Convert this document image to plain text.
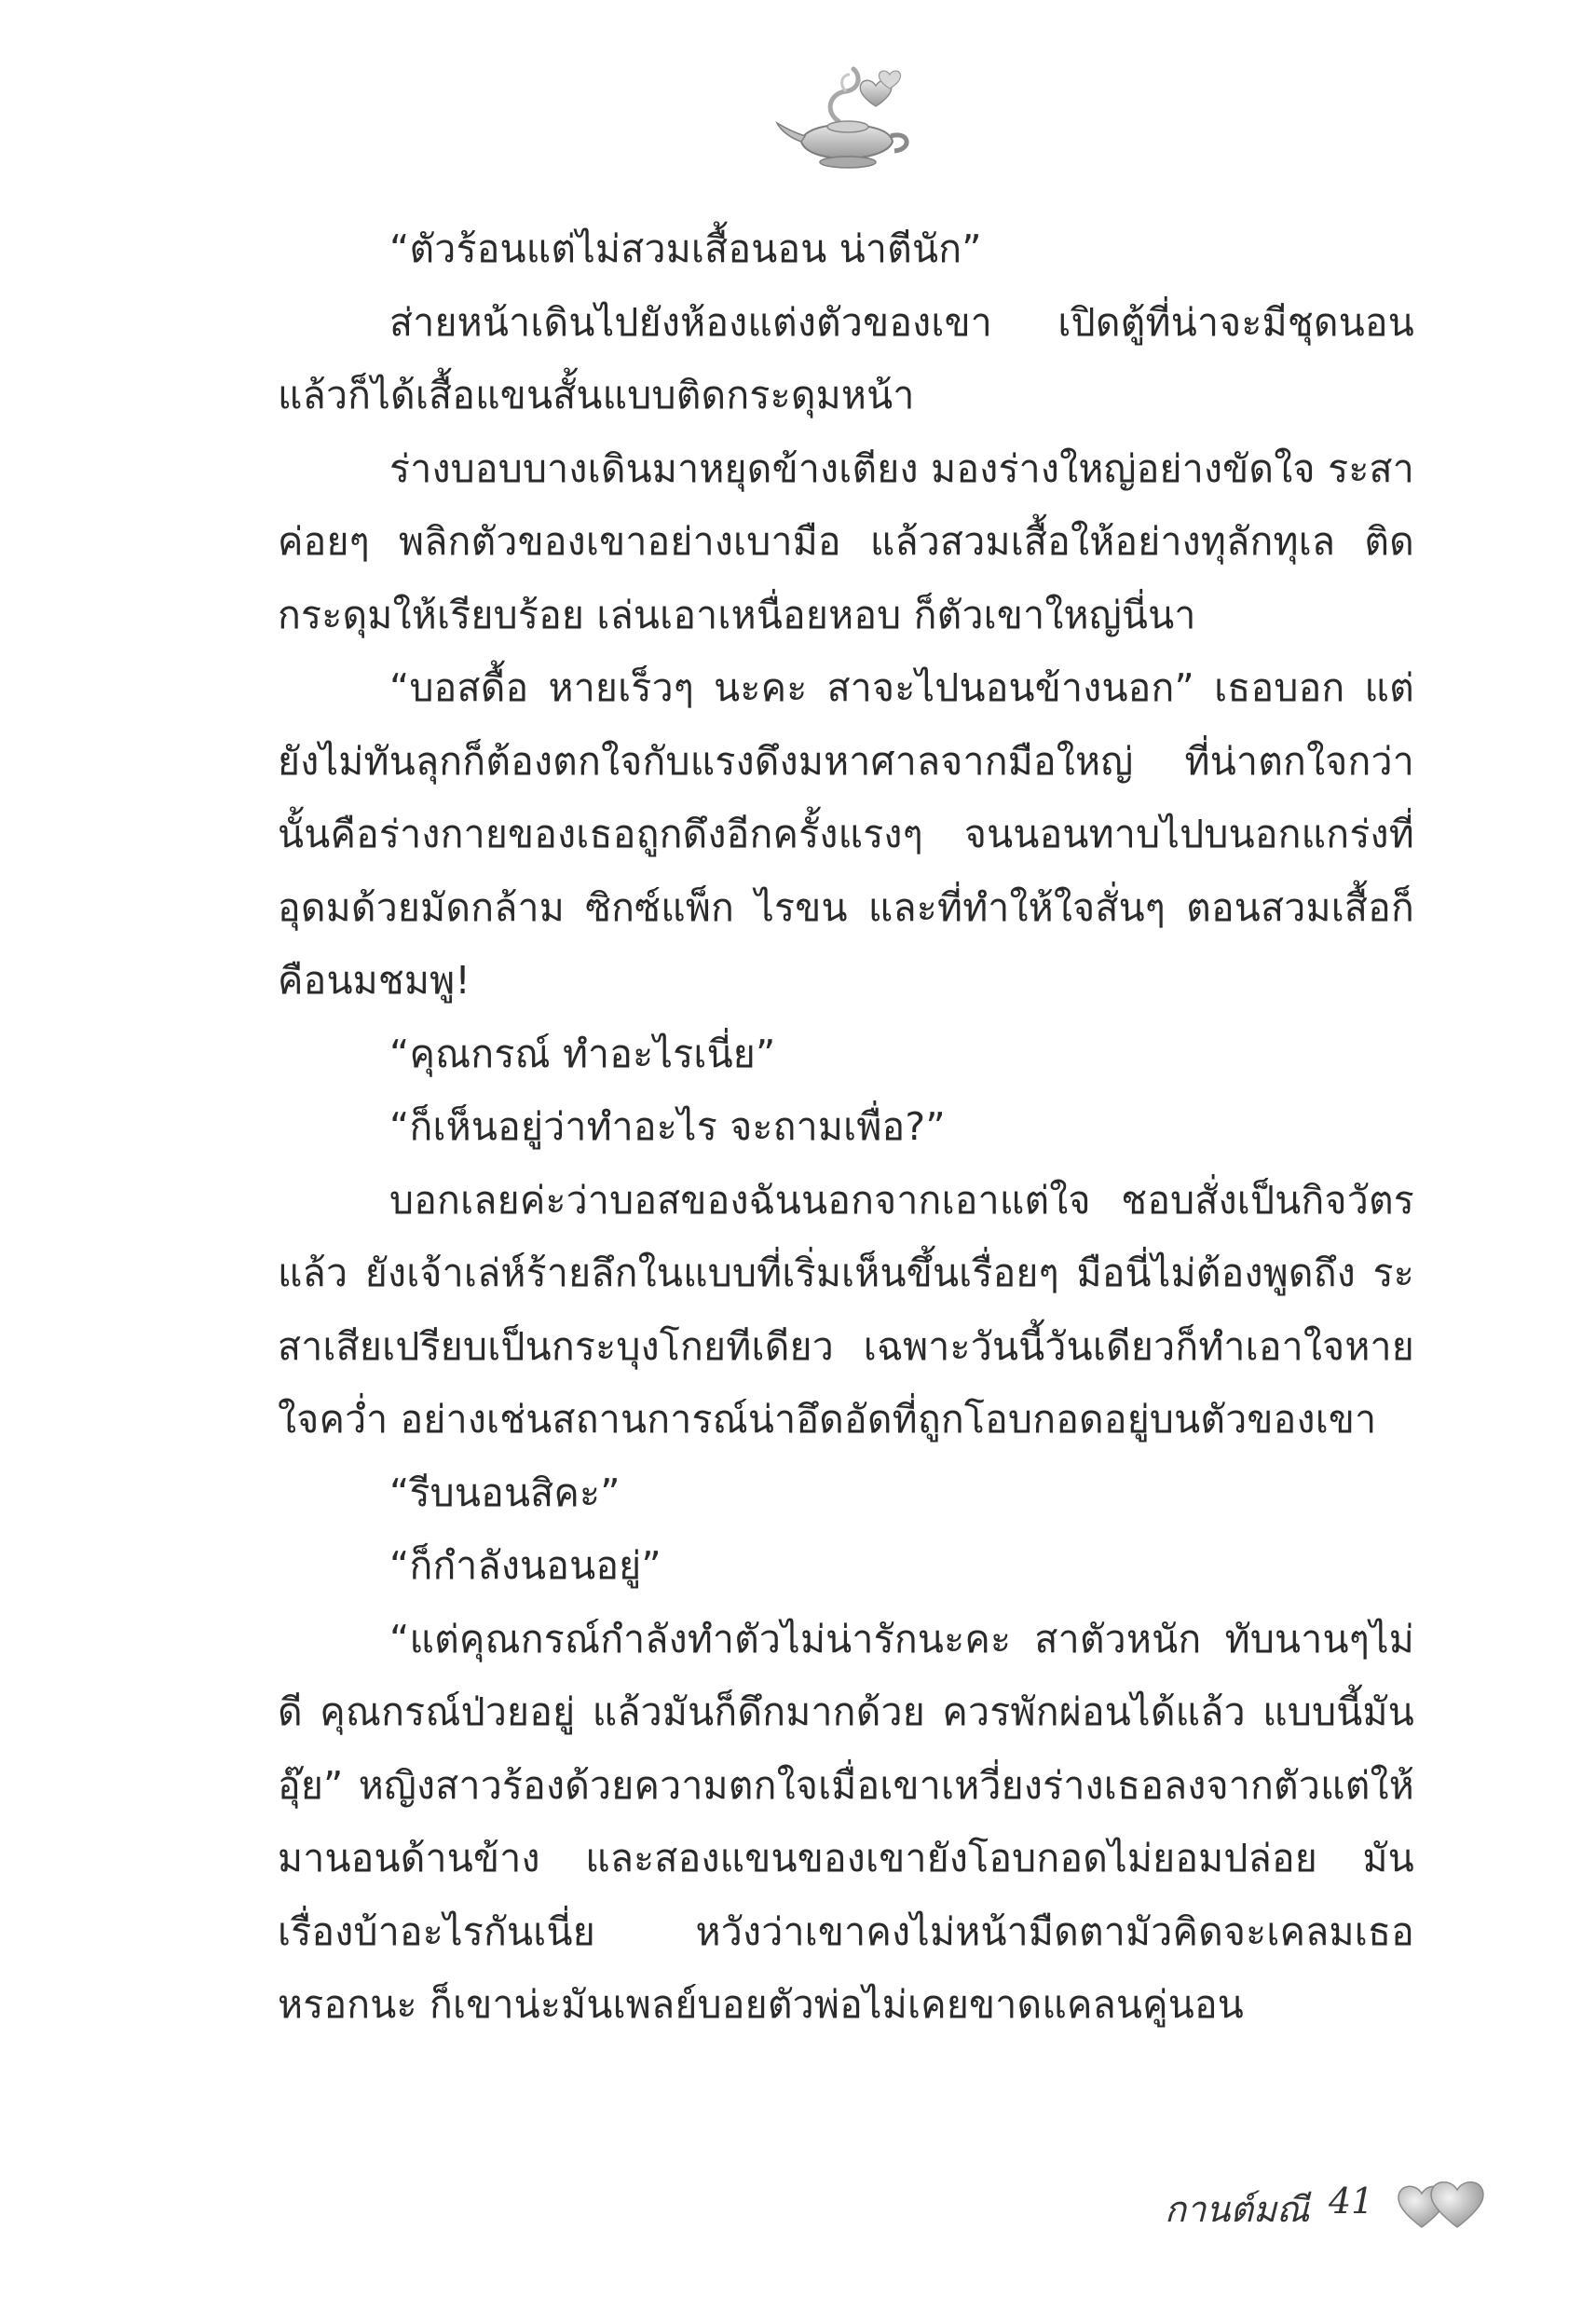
“ตัวร้อนแต่ไม่สวมเสื้อนอน น่าตีนัก”

ส่ายหน้าเดินไปยังห้องแต่งตัวของเขา เปิดตู้ที่น่าจะมีชุดนอน แล้วก็ได้เสื้อแขนสั้นแบบติดกระดุมหน้า

ร่างบอบบางเดินมาหยุดข้างเตียง มองร่างใหญ่อย่างขัดใจ ระสาค่อยๆ พลิกตัวของเขาอย่างเบามือ แล้วสวมเสื้อให้อย่างทุลักทุเล ติดกระดุมให้เรียบร้อย เล่นเอาเหนื่อยหอบ ก็ตัวเขาใหญ่นี่นา

“บอสดื้อ หายเร็วๆ นะคะ สาจะไปนอนข้างนอก” เธอบอก แต่ยังไม่ทันลุกก็ต้องตกใจกับแรงดึงมหาศาลจากมือใหญ่ ที่น่าตกใจกว่านั้นคือร่างกายของเธอถูกดึงอีกครั้งแรงๆ จนนอนทาบไปบนอกแกร่งที่อุดมด้วยมัดกล้าม ซิกซ์แพ็ก ไรขน และที่ทำให้ใจสั่นๆ ตอนสวมเสื้อก็คือนมชมพู!

“คุณกรณ์ ทำอะไรเนี่ย”

“ก็เห็นอยู่ว่าทำอะไร จะถามเพื่อ?”

บอกเลยค่ะว่าบอสของฉันนอกจากเอาแต่ใจ ชอบสั่งเป็นกิจวัตรแล้ว ยังเจ้าเล่ห์ร้ายลึกในแบบที่เริ่มเห็นขึ้นเรื่อยๆ มือนี่ไม่ต้องพูดถึง ระสาเสียเปรียบเป็นกระบุงโกยทีเดียว เฉพาะวันนี้วันเดียวก็ทำเอาใจหายใจคว่ำ อย่างเช่นสถานการณ์น่าอึดอัดที่ถูกโอบกอดอยู่บนตัวของเขา

“รีบนอนสิคะ”

“ก็กำลังนอนอยู่”

“แต่คุณกรณ์กำลังทำตัวไม่น่ารักนะคะ สาตัวหนัก ทับนานๆไม่ดี คุณกรณ์ป่วยอยู่ แล้วมันก็ดึกมากด้วย ควรพักผ่อนได้แล้ว แบบนี้มัน อุ๊ย” หญิงสาวร้องด้วยความตกใจเมื่อเขาเหวี่ยงร่างเธอลงจากตัวแต่ให้มานอนด้านข้าง และสองแขนของเขายังโอบกอดไม่ยอมปล่อย มันเรื่องบ้าอะไรกันเนี่ย หวังว่าเขาคงไม่หน้ามืดตามัวคิดจะเคลมเธอหรอกนะ ก็เขาน่ะมันเพลย์บอยตัวพ่อไม่เคยขาดแคลนคู่นอน

กานต์มณี 41
